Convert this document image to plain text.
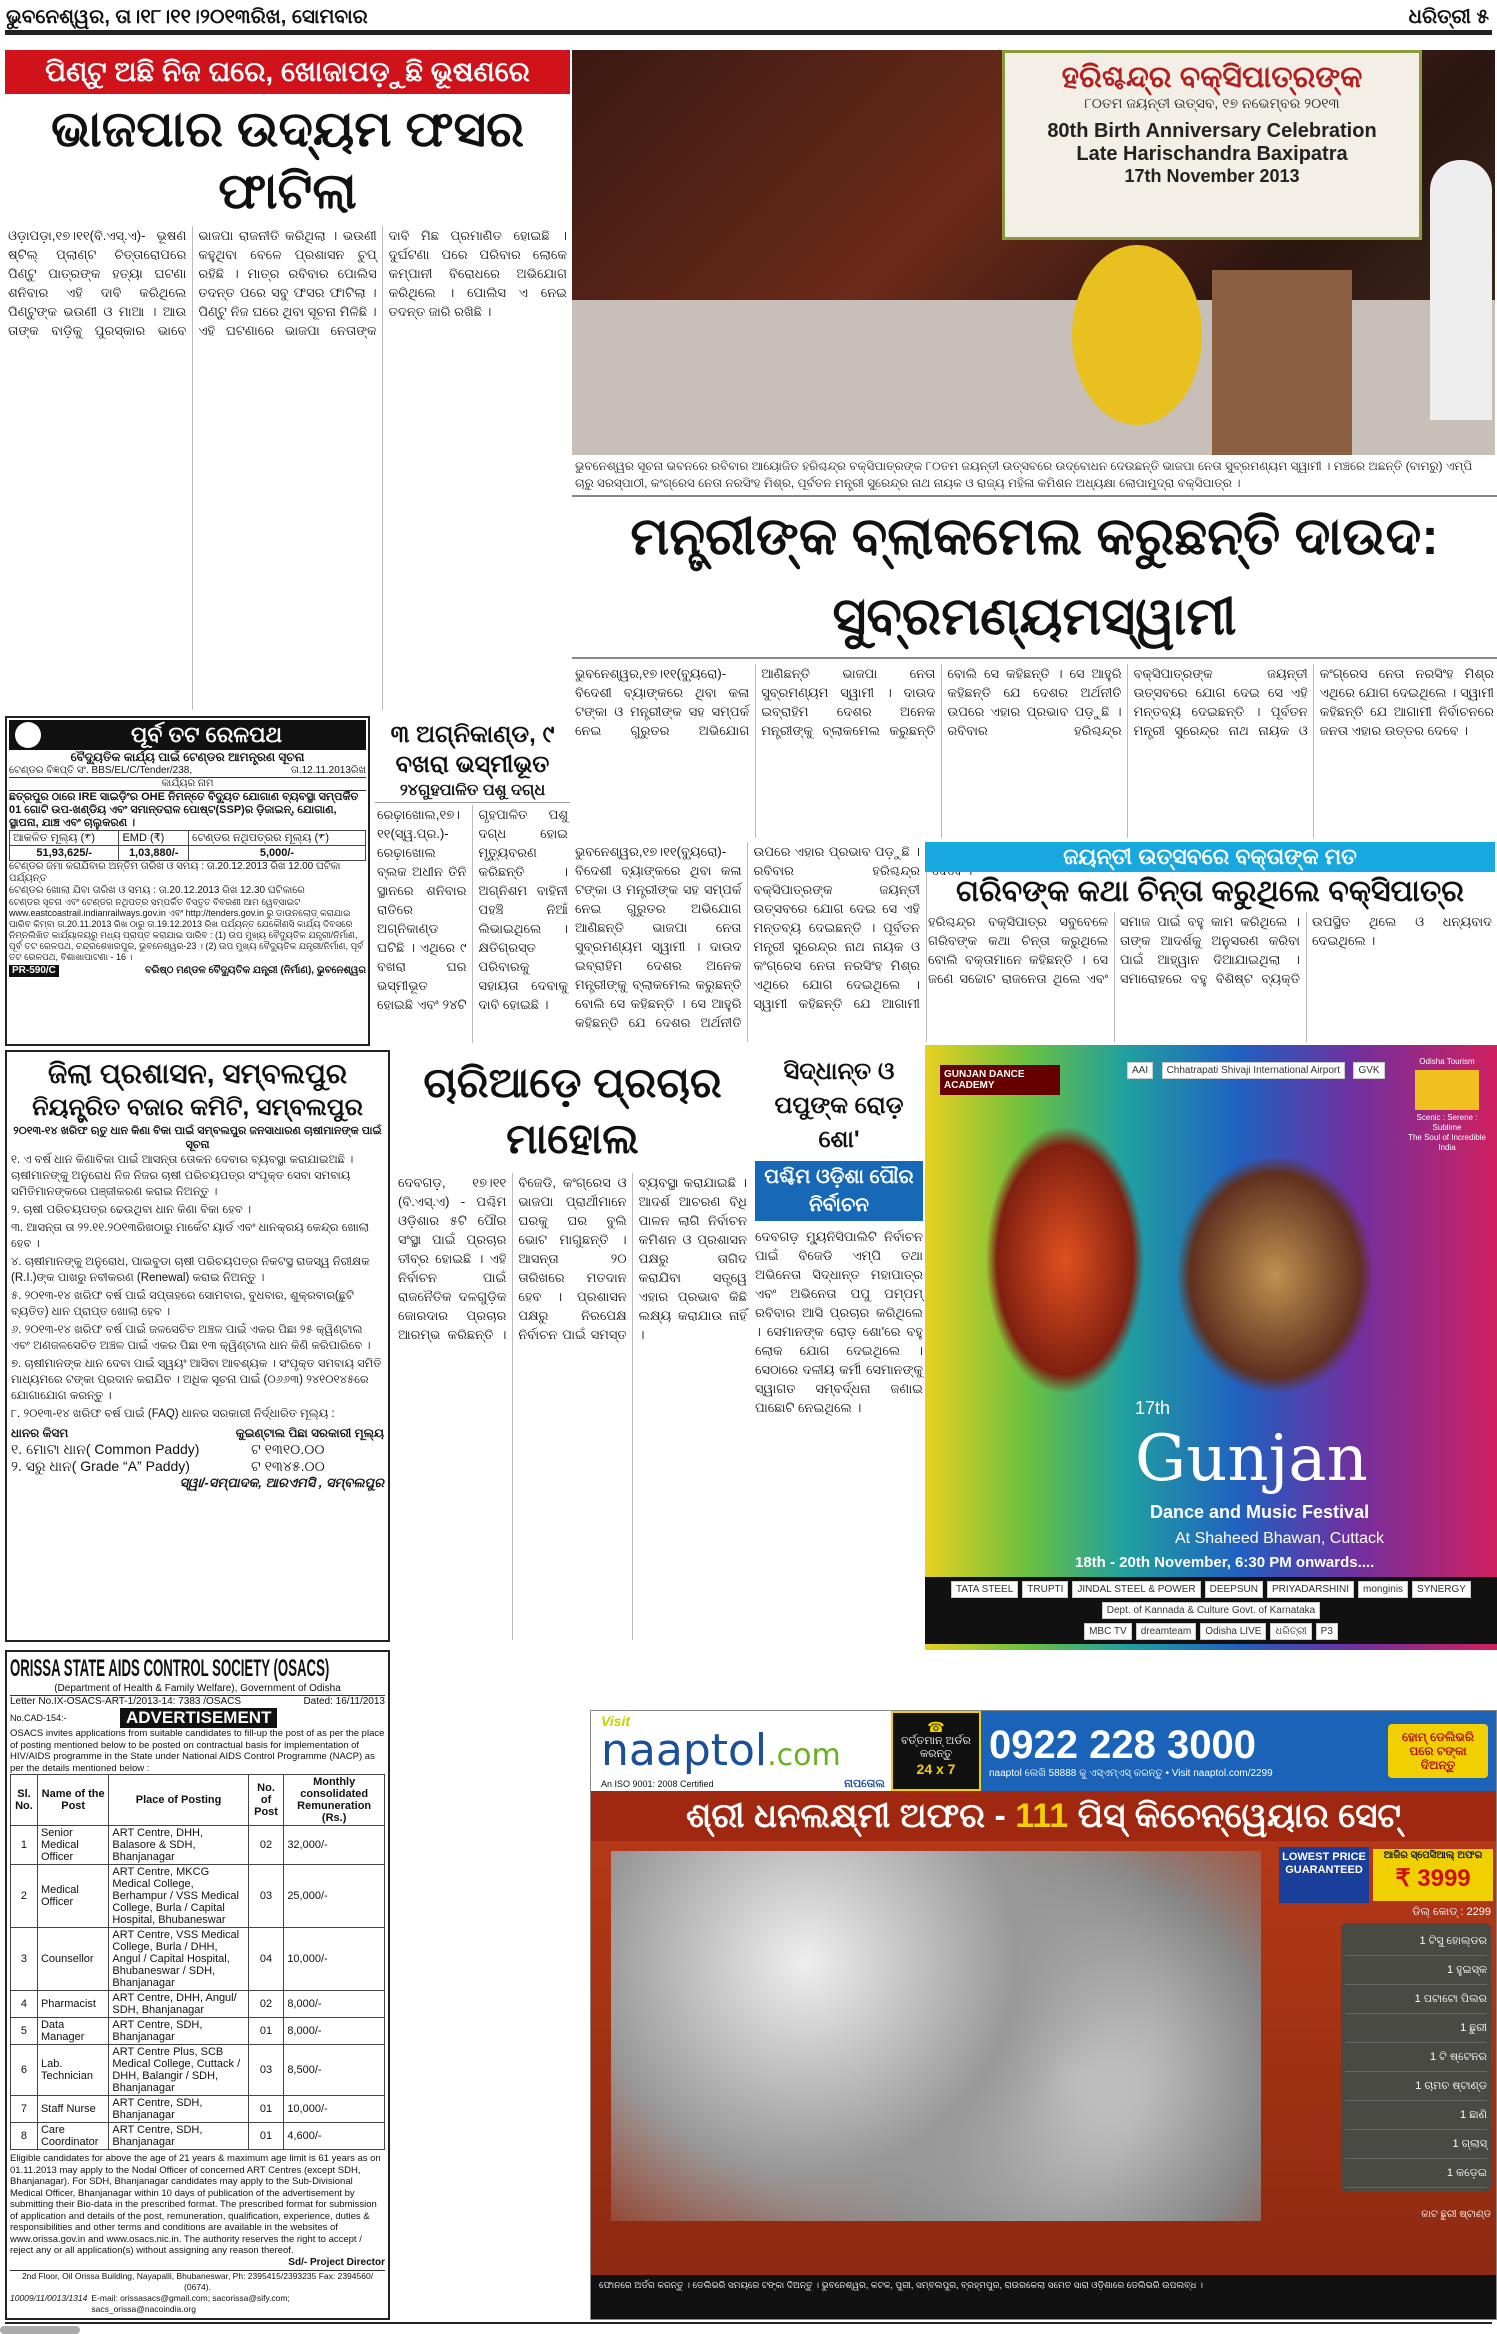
ଭୁବନେଶ୍ୱର, ତା।୧୮।୧୧।୨୦୧୩ରିଖ, ସୋମବାର	ଧରିତ୍ରୀ ୫
ପିଣ୍ଟୁ ଅଛି ନିଜ ଘରେ, ଖୋଜାପଡ଼ୁଛି ଭୂଷଣରେ
ଭାଜପାର ଉଦ୍ୟମ ଫସର ଫାଟିଲା
ଓଡ଼ାପଡ଼ା,୧୭।୧୧(ବି.ଏସ୍.ଏ)- ଭୂଷଣ ଷ୍ଟିଲ୍ ପ୍ଲାଣ୍ଟ ଚିତ୍ତାରୋପରେ ପିଣ୍ଟୁ ପାତ୍ରଙ୍କ ହତ୍ୟା ଘଟଣା ଶନିବାର ଏହି ଦାବି କରିଥିଲେ ପିଣ୍ଟୁଙ୍କ ଭଉଣୀ ଓ ମାଆ । ଆଉ ତାଙ୍କ ବାଡ଼ିକୁ ପୁରସ୍କାର ଭାବେ ଭାଜପା ରାଜନୀତି କରିଥିଲା । ଭଉଣୀ କହୁଥିବା ବେଳେ ପ୍ରଶାସନ ଚୁପ୍ ରହିଛି । ମାତ୍ର ରବିବାର ପୋଲିସ ତଦନ୍ତ ପରେ ସବୁ ଫସର ଫାଟିଲା । ପିଣ୍ଟୁ ନିଜ ଘରେ ଥିବା ସୂଚନା ମିଳିଛି । ଏହି ଘଟଣାରେ ଭାଜପା ନେତାଙ୍କ ଦାବି ମିଛ ପ୍ରମାଣିତ ହୋଇଛି । ଦୁର୍ଘଟଣା ପରେ ପରିବାର ଲୋକେ କମ୍ପାନୀ ବିରୋଧରେ ଅଭିଯୋଗ କରିଥିଲେ । ପୋଲିସ ଏ ନେଇ ତଦନ୍ତ ଜାରି ରଖିଛି ।
ହରିଶ୍ଚନ୍ଦ୍ର ବକ୍ସିପାତ୍ରଙ୍କ
୮୦ତମ ଜୟନ୍ତୀ ଉତ୍ସବ, ୧୭ ନଭେମ୍ବର ୨୦୧୩
80th Birth Anniversary Celebration
Late Harischandra Baxipatra
17th November 2013
ଭୁବନେଶ୍ୱର ସୂଚନା ଭବନରେ ରବିବାର ଆୟୋଜିତ ହରିଶ୍ଚନ୍ଦ୍ର ବକ୍ସିପାତ୍ରଙ୍କ ୮୦ତମ ଜୟନ୍ତୀ ଉତ୍ସବରେ ଉଦ୍‌ବୋଧନ ଦେଉଛନ୍ତି ଭାଜପା ନେତା ସୁବ୍ରମଣ୍ୟମ ସ୍ୱାମୀ । ମଞ୍ଚରେ ଅଛନ୍ତି (ବାମରୁ) ଏମ୍‌ପି ଚାରୁ ସରସ୍‌ପାଠୀ, କଂଗ୍ରେସ ନେତା ନରସିଂହ ମିଶ୍ର, ପୂର୍ବତନ ମନ୍ତ୍ରୀ ସୁରେନ୍ଦ୍ର ନାଥ ନାୟକ ଓ ରାଜ୍ୟ ମହିଳା କମିଶନ ଅଧ୍ୟକ୍ଷା ଲୋପାମୁଦ୍ରା ବକ୍ସିପାତ୍ର ।
ମନ୍ତ୍ରୀଙ୍କ ବ୍ଲାକମେଲ କରୁଛନ୍ତି ଦାଉଦ: ସୁବ୍ରମଣ୍ୟମସ୍ୱାମୀ
ଭୁବନେଶ୍ୱର,୧୭।୧୧(ବ୍ୟୁରୋ)- ବିଦେଶୀ ବ୍ୟାଙ୍କରେ ଥିବା କଳା ଟଙ୍କା ଓ ମନ୍ତ୍ରୀଙ୍କ ସହ ସମ୍ପର୍କ ନେଇ ଗୁରୁତର ଅଭିଯୋଗ ଆଣିଛନ୍ତି ଭାଜପା ନେତା ସୁବ୍ରମଣ୍ୟମ ସ୍ୱାମୀ । ଦାଉଦ ଇବ୍ରାହିମ ଦେଶର ଅନେକ ମନ୍ତ୍ରୀଙ୍କୁ ବ୍ଲାକମେଲ କରୁଛନ୍ତି ବୋଲି ସେ କହିଛନ୍ତି । ସେ ଆହୁରି କହିଛନ୍ତି ଯେ ଦେଶର ଅର୍ଥନୀତି ଉପରେ ଏହାର ପ୍ରଭାବ ପଡ଼ୁଛି । ରବିବାର ହରିଶ୍ଚନ୍ଦ୍ର ବକ୍ସିପାତ୍ରଙ୍କ ଜୟନ୍ତୀ ଉତ୍ସବରେ ଯୋଗ ଦେଇ ସେ ଏହି ମନ୍ତବ୍ୟ ଦେଇଛନ୍ତି । ପୂର୍ବତନ ମନ୍ତ୍ରୀ ସୁରେନ୍ଦ୍ର ନାଥ ନାୟକ ଓ କଂଗ୍ରେସ ନେତା ନରସିଂହ ମିଶ୍ର ଏଥିରେ ଯୋଗ ଦେଇଥିଲେ । ସ୍ୱାମୀ କହିଛନ୍ତି ଯେ ଆଗାମୀ ନିର୍ବାଚନରେ ଜନତା ଏହାର ଉତ୍ତର ଦେବେ ।
ଭୁବନେଶ୍ୱର,୧୭।୧୧(ବ୍ୟୁରୋ)- ବିଦେଶୀ ବ୍ୟାଙ୍କରେ ଥିବା କଳା ଟଙ୍କା ଓ ମନ୍ତ୍ରୀଙ୍କ ସହ ସମ୍ପର୍କ ନେଇ ଗୁରୁତର ଅଭିଯୋଗ ଆଣିଛନ୍ତି ଭାଜପା ନେତା ସୁବ୍ରମଣ୍ୟମ ସ୍ୱାମୀ । ଦାଉଦ ଇବ୍ରାହିମ ଦେଶର ଅନେକ ମନ୍ତ୍ରୀଙ୍କୁ ବ୍ଲାକମେଲ କରୁଛନ୍ତି ବୋଲି ସେ କହିଛନ୍ତି । ସେ ଆହୁରି କହିଛନ୍ତି ଯେ ଦେଶର ଅର୍ଥନୀତି ଉପରେ ଏହାର ପ୍ରଭାବ ପଡ଼ୁଛି । ରବିବାର ହରିଶ୍ଚନ୍ଦ୍ର ବକ୍ସିପାତ୍ରଙ୍କ ଜୟନ୍ତୀ ଉତ୍ସବରେ ଯୋଗ ଦେଇ ସେ ଏହି ମନ୍ତବ୍ୟ ଦେଇଛନ୍ତି । ପୂର୍ବତନ ମନ୍ତ୍ରୀ ସୁରେନ୍ଦ୍ର ନାଥ ନାୟକ ଓ କଂଗ୍ରେସ ନେତା ନରସିଂହ ମିଶ୍ର ଏଥିରେ ଯୋଗ ଦେଇଥିଲେ । ସ୍ୱାମୀ କହିଛନ୍ତି ଯେ ଆଗାମୀ
ଜୟନ୍ତୀ ଉତ୍ସବରେ ବକ୍ତାଙ୍କ ମତ
ଗରିବଙ୍କ କଥା ଚିନ୍ତା କରୁଥିଲେ ବକ୍ସିପାତ୍ର
ହରିଶ୍ଚନ୍ଦ୍ର ବକ୍ସିପାତ୍ର ସବୁବେଳେ ଗରିବଙ୍କ କଥା ଚିନ୍ତା କରୁଥିଲେ ବୋଲି ବକ୍ତାମାନେ କହିଛନ୍ତି । ସେ ଜଣେ ସଚ୍ଚୋଟ ରାଜନେତା ଥିଲେ ଏବଂ ସମାଜ ପାଇଁ ବହୁ କାମ କରିଥିଲେ । ତାଙ୍କ ଆଦର୍ଶକୁ ଅନୁସରଣ କରିବା ପାଇଁ ଆହ୍ୱାନ ଦିଆଯାଇଥିଲା । ସମାରୋହରେ ବହୁ ବିଶିଷ୍ଟ ବ୍ୟକ୍ତି ଉପସ୍ଥିତ ଥିଲେ ଓ ଧନ୍ୟବାଦ ଦେଇଥିଲେ ।
ପୂର୍ବ ତଟ ରେଳପଥ
ବୈଦ୍ୟୁତିକ କାର୍ଯ୍ୟ ପାଇଁ ଟେଣ୍ଡର ଆମନ୍ତ୍ରଣ ସୂଚନା
ଟେଣ୍ଡର ବିଜ୍ଞପ୍ତି ସଂ. BBS/EL/C/Tender/238,	ତା.12.11.2013ରିଖ
କାର୍ଯ୍ୟର ନାମ
ଛତ୍ରପୁର ଠାରେ IRE ସାଇଡ଼ିଂର OHE ନିମନ୍ତେ ବିଦ୍ୟୁତ ଯୋଗାଣ ବ୍ୟବସ୍ଥା ସମ୍ପର୍କିତ 01 ଗୋଟି ଉପ-ଖଣ୍ଡିୟ ଏବଂ ସମାନ୍ତରାଳ ପୋଷ୍ଟ(SSP)ର ଡ଼ିଜାଇନ୍, ଯୋଗାଣ, ସ୍ଥାପନା, ଯାଞ୍ଚ ଏବଂ ଚାଲୁକରଣ ।
ଆକଳିତ ମୂଲ୍ୟ (₹)	EMD (₹)	ଟେଣ୍ଡର ନଥିପତ୍ରର ମୂଲ୍ୟ (₹)
51,93,625/-	1,03,880/-	5,000/-
ଟେଣ୍ଡର ଜମା କରାଯିବାର ଅନ୍ତିମ ତାରିଖ ଓ ସମୟ : ତା.20.12.2013 ରିଖ 12.00 ଘଟିକା ପର୍ଯ୍ୟନ୍ତ
ଟେଣ୍ଡର ଖୋଲା ଯିବା ତାରିଖ ଓ ସମୟ : ତା.20.12.2013 ରିଖ 12.30 ଘଟିକାରେ
ଟେଣ୍ଡର ସୂଚନା ଏବଂ ଟେଣ୍ଡର ନଥିପତ୍ର ସମ୍ପର୍କିତ ବିସ୍ତୃତ ବିବରଣୀ ଆମ ୱେବ୍‌ସାଇଟ www.eastcoastrail.indianrailways.gov.in ଏବଂ http://tenders.gov.in ରୁ ଡାଉନଲୋଡ୍ କରାଯାଇ ପାରିବ କିମ୍ବା ତା.20.11.2013 ରିଖ ଠାରୁ ତା.19.12.2013 ରିଖ ପର୍ଯ୍ୟନ୍ତ ଯେକୌଣସି କାର୍ଯ୍ୟ ଦିବସରେ ନିମ୍ନଲିଖିତ କାର୍ଯ୍ୟାଳୟରୁ ମଧ୍ୟ ପ୍ରାପ୍ତ କରାଯାଇ ପାରିବ : (1) ଉପ ମୁଖ୍ୟ ବୈଦ୍ୟୁତିକ ଯନ୍ତ୍ରୀ/ନିର୍ମାଣ, ପୂର୍ବ ତଟ ରେଳପଥ, ଚନ୍ଦ୍ରଶେଖରପୁର, ଭୁବନେଶ୍ୱର-23 । (2) ଉପ ମୁଖ୍ୟ ବୈଦ୍ୟୁତିକ ଯନ୍ତ୍ରୀ/ନିର୍ମାଣ, ପୂର୍ବ ତଟ ରେଳପଥ, ବିଶାଖାପାଟଣା - 16 ।
PR-590/C	ବରିଷ୍ଠ ମଣ୍ଡଳ ବୈଦ୍ୟୁତିକ ଯନ୍ତ୍ରୀ (ନିର୍ମାଣ), ଭୁବନେଶ୍ୱର
୩ ଅଗ୍ନିକାଣ୍ଡ, ୯ ବଖରା ଭସ୍ମୀଭୂତ
୨୪ଗୁହପାଳିତ ପଶୁ ଦଗ୍ଧ
ରେଢ଼ାଖୋଲ,୧୭।୧୧(ସ୍ୱ.ପ୍ର.)- ରେଢ଼ାଖୋଲ ବ୍ଲକ ଅଧୀନ ତିନି ସ୍ଥାନରେ ଶନିବାର ରାତିରେ ଅଗ୍ନିକାଣ୍ଡ ଘଟିଛି । ଏଥିରେ ୯ ବଖରା ଘର ଭସ୍ମୀଭୂତ ହୋଇଛି ଏବଂ ୨୪ଟି ଗୃହପାଳିତ ପଶୁ ଦଗ୍ଧ ହୋଇ ମୃତ୍ୟୁବରଣ କରିଛନ୍ତି । ଅଗ୍ନିଶମ ବାହିନୀ ପହଞ୍ଚି ନିଆଁ ଲିଭାଇଥିଲେ । କ୍ଷତିଗ୍ରସ୍ତ ପରିବାରକୁ ସହାୟତା ଦେବାକୁ ଦାବି ହୋଇଛି ।
ଜିଲା ପ୍ରଶାସନ, ସମ୍ବଲପୁର
ନିୟନ୍ତ୍ରିତ ବଜାର କମିଟି, ସମ୍ବଲପୁର
୨୦୧୩-୧୪ ଖରିଫ ଋତୁ ଧାନ କିଣା ବିକା ପାଇଁ ସମ୍ବଲପୁର ଜନସାଧାରଣ ଚାଷୀମାନଙ୍କ ପାଇଁ ସୂଚନା
୧. ଏ ବର୍ଷ ଧାନ କିଣାବିକା ପାଇଁ ଆସନ୍ତା ତୋକନ ଦେବାର ବ୍ୟବସ୍ଥା କରାଯାଇଅଛି । ଚାଷୀମାନଙ୍କୁ ଅନୁରୋଧ ନିଜ ନିଜର ଚାଷୀ ପରିଚୟପତ୍ର ସଂପୃକ୍ତ ସେବା ସମବାୟ ସମିତିମାନଙ୍କରେ ପଞ୍ଜୀକରଣ କରାଇ ନିଅନ୍ତୁ ।
୨. ଚାଷୀ ପରିଚୟପତ୍ର ଢେଉଥିବା ଧାନ କିଣା ବିକା ହେବ ।
୩. ଆସନ୍ତା ତା ୨୨.୧୧.୨୦୧୩ରିଖଠାରୁ ମାର୍କେଟ ୟାର୍ଡ ଏବଂ ଧାନକ୍ରୟ କେନ୍ଦ୍ର ଖୋଲା ହେବ ।
୪. ଚାଷୀମାନଙ୍କୁ ଅନୁରୋଧ, ପାଇବୁଡା ଚାଷୀ ପରିଚୟପତ୍ର ନିକଟସ୍ଥ ରାଜସ୍ୱ ନିରୀକ୍ଷକ (R.I.)ଙ୍କ ପାଖରୁ ନବୀକରଣ (Renewal) କରାଇ ନିଅନ୍ତୁ ।
୫. ୨୦୧୩-୧୪ ଖରିଫ ବର୍ଷ ପାଇଁ ସପ୍ତାହରେ ସୋମବାର, ବୁଧବାର, ଶୁକ୍ରବାର(ଛୁଟି ବ୍ୟତିତ) ଧାନ ପ୍ରାପ୍ତ ଖୋଲା ହେବ ।
୬. ୨୦୧୩-୧୪ ଖରିଫ ବର୍ଷ ପାଇଁ ଜଳସେଚିତ ଅଞ୍ଚଳ ପାଇଁ ଏକର ପିଛା ୨୫ କ୍ୱିଣ୍ଟାଲ ଏବଂ ଅଣଜଳସେଚିତ ଅଞ୍ଚଳ ପାଇଁ ଏକର ପିଛା ୧୩ କ୍ୱିଣ୍ଟାଲ ଧାନ କିଣି କରିପାରିବେ ।
୭. ଚାଷୀମାନଙ୍କ ଧାନ ଦେବା ପାଇଁ ସ୍ୱୟଂ ଆସିବା ଆବଶ୍ୟକ । ସଂପୃକ୍ତ ସମବାୟ ସମିତି ମାଧ୍ୟମରେ ଟଙ୍କା ପ୍ରଦାନ କରାଯିବ । ଅଧିକ ସୂଚନା ପାଇଁ (୦୬୬୩) ୨୪୧୦୧୪୫ରେ ଯୋଗାଯୋଗ କରନ୍ତୁ ।
୮. ୨୦୧୩-୧୪ ଖରିଫ ବର୍ଷ ପାଇଁ (FAQ) ଧାନର ସରକାରୀ ନିର୍ଦ୍ଧାରିତ ମୂଲ୍ୟ :
ଧାନର କିସମ	କୁଇଣ୍ଟାଲ ପିଛା ସରକାରୀ ମୂଲ୍ୟ
୧. ମୋଟା ଧାନ( Common Paddy)	ଟ ୧୩୧୦.୦୦
୨. ସରୁ ଧାନ( Grade “A” Paddy)	ଟ ୧୩୪୫.୦୦
ସ୍ୱା/-ସମ୍ପାଦକ, ଆରଏମସି , ସମ୍ବଲପୁର
ଚାରିଆଡ଼େ ପ୍ରଚାର ମାହୋଲ
ଦେବଗଡ଼, ୧୭।୧୧ (ବି.ଏସ୍.ଏ) - ପଶ୍ଚିମ ଓଡ଼ିଶାର ୫ଟି ପୌର ସଂସ୍ଥା ପାଇଁ ପ୍ରଚାର ତୀବ୍ର ହୋଇଛି । ଏହି ନିର୍ବାଚନ ପାଇଁ ରାଜନୈତିକ ଦଳଗୁଡ଼ିକ ଜୋରଦାର ପ୍ରଚାର ଆରମ୍ଭ କରିଛନ୍ତି । ବିଜେଡି, କଂଗ୍ରେସ ଓ ଭାଜପା ପ୍ରାର୍ଥୀମାନେ ଘରକୁ ଘର ବୁଲି ଭୋଟ ମାଗୁଛନ୍ତି । ଆସନ୍ତା ୨୦ ତାରିଖରେ ମତଦାନ ହେବ । ପ୍ରଶାସନ ପକ୍ଷରୁ ନିରପେକ୍ଷ ନିର୍ବାଚନ ପାଇଁ ସମସ୍ତ ବ୍ୟବସ୍ଥା କରାଯାଇଛି । ଆଦର୍ଶ ଆଚରଣ ବିଧି ପାଳନ ଲାଗି ନିର୍ବାଚନ କମିଶନ ଓ ପ୍ରଶାସନ ପକ୍ଷରୁ ତାଗିଦ କରାଯିବା ସତ୍ତ୍ୱେ ଏହାର ପ୍ରଭାବ କିଛି ଲକ୍ଷ୍ୟ କରାଯାଉ ନାହିଁ ।
ସିଦ୍ଧାନ୍ତ ଓ ପପୁଙ୍କ ରୋଡ଼ ଶୋ'
ପଶ୍ଚିମ ଓଡ଼ିଶା ପୌର ନିର୍ବାଚନ
ଦେବଗଡ଼ ମ୍ୟୁନିସିପାଲିଟି ନିର୍ବାଚନ ପାଇଁ ବିଜେଡି ଏମ୍‌ପି ତଥା ଅଭିନେତା ସିଦ୍ଧାନ୍ତ ମହାପାତ୍ର ଏବଂ ଅଭିନେତା ପପୁ ପମ୍‌ପମ୍ ରବିବାର ଆସି ପ୍ରଚାର କରିଥିଲେ । ସେମାନଙ୍କ ରୋଡ଼ ଶୋ'ରେ ବହୁ ଲୋକ ଯୋଗ ଦେଇଥିଲେ । ସେଠାରେ ଦଳୀୟ କର୍ମୀ ସେମାନଙ୍କୁ ସ୍ୱାଗତ ସମ୍ବର୍ଦ୍ଧନା ଜଣାଇ ପାଛୋଟି ନେଇଥିଲେ ।
GUNJAN DANCE ACADEMY
AAI Chhatrapati Shivaji International Airport GVK
Odisha Tourism
Scenic : Serene : Sublime
The Soul of Incredible India
17th
Gunjan
Dance and Music Festival
At Shaheed Bhawan, Cuttack
18th - 20th November, 6:30 PM onwards....
TATA STEEL TRUPTI JINDAL STEEL & POWER DEEPSUN PRIYADARSHINI monginis SYNERGYDept. of Kannada & Culture Govt. of Karnataka
MBC TV dreamteam Odisha LIVE ଧରିତ୍ରୀ P3
ORISSA STATE AIDS CONTROL SOCIETY (OSACS)
(Department of Health & Family Welfare), Government of Odisha
Letter No.IX-OSACS-ART-1/2013-14: 7383 /OSACS	Dated: 16/11/2013
No.CAD-154:-	ADVERTISEMENT
OSACS invites applications from suitable candidates to fill-up the post of as per the place of posting mentioned below to be posted on contractual basis for implementation of HIV/AIDS programme in the State under National AIDS Control Programme (NACP) as per the details mentioned below :
Sl. No.	Name of the Post	Place of Posting	No. of Post	Monthly consolidated Remuneration (Rs.)
1	Senior Medical Officer	ART Centre, DHH, Balasore & SDH, Bhanjanagar	02	32,000/-
2	Medical Officer	ART Centre, MKCG Medical College, Berhampur / VSS Medical College, Burla / Capital Hospital, Bhubaneswar	03	25,000/-
3	Counsellor	ART Centre, VSS Medical College, Burla / DHH, Angul / Capital Hospital, Bhubaneswar / SDH, Bhanjanagar	04	10,000/-
4	Pharmacist	ART Centre, DHH, Angul/ SDH, Bhanjanagar	02	8,000/-
5	Data Manager	ART Centre, SDH, Bhanjanagar	01	8,000/-
6	Lab. Technician	ART Centre Plus, SCB Medical College, Cuttack / DHH, Balangir / SDH, Bhanjanagar	03	8,500/-
7	Staff Nurse	ART Centre, SDH, Bhanjanagar	01	10,000/-
8	Care Coordinator	ART Centre, SDH, Bhanjanagar	01	4,600/-
Eligible candidates for above the age of 21 years & maximum age limit is 61 years as on 01.11.2013 may apply to the Nodal Officer of concerned ART Centres (except SDH, Bhanjanagar). For SDH, Bhanjanagar candidates may apply to the Sub-Divisional Medical Officer, Bhanjanagar within 10 days of publication of the advertisement by submitting their Bio-data in the prescribed format. The prescribed format for submission of application and details of the post, remuneration, qualification, experience, duties & responsibilities and other terms and conditions are available in the websites of www.orissa.gov.in and www.osacs.nic.in. The authority reserves the right to accept / reject any or all application(s) without assigning any reason thereof.
Sd/- Project Director
2nd Floor, Oil Orissa Building, Nayapalli, Bhubaneswar, Ph: 2395415/2393235 Fax: 2394560/ (0674).
10009/11/0013/1314 E-mail: orissasacs@gmail.com; sacorissa@sify.com; sacs_orissa@nacoindia.org
Visit
naaptol.com
An ISO 9001: 2008 Certified	ନାପତୋଲ
☎
ବର୍ତ୍ତମାନ୍ ଅର୍ଡର କରନ୍ତୁ
24 x 7
0922 228 3000
naaptol ଲେଖି 58888 କୁ ଏସ୍‌ଏମ୍‌ଏସ୍ କରନ୍ତୁ • Visit naaptol.com/2299
ହୋମ୍ ଡେଲିଭରି ପରେ ଟଙ୍କା ଦିଅନ୍ତୁ
ଶ୍ରୀ ଧନଲକ୍ଷ୍ମୀ ଅଫର - 111 ପିସ୍ କିଚେନ୍‌ୱେୟାର ସେଟ୍
LOWEST PRICE GUARANTEED
ଆଜିର ସ୍ପେସିଆଲ୍ ଅଫର
₹ 3999
ଡିଲ୍ କୋଡ୍ : 2299
1 ଟିସୁ ହୋଲ୍ଡର
1 ହୁଇସ୍କ
1 ପଟାଟୋ ପିଲର
1 ଛୁରୀ
1 ଟି ଷ୍ଟେନର
1 ଚାମଚ ଷ୍ଟାଣ୍ଡ
1 ଛାଣି
1 ଗ୍ଲାସ୍
1 କଡ଼େଇ
କାଟ ଛୁରୀ ଷ୍ଟାଣ୍ଡ
ଫୋନରେ ଅର୍ଡର କରନ୍ତୁ । ଡେଲିଭରି ସମୟରେ ଟଙ୍କା ଦିଅନ୍ତୁ । ଭୁବନେଶ୍ୱର, କଟକ, ପୁରୀ, ସମ୍ବଲପୁର, ବ୍ରହ୍ମପୁର, ରାଉରକେଲା ସମେତ ସାରା ଓଡ଼ିଶାରେ ଡେଲିଭରି ଉପଲବ୍ଧ ।
